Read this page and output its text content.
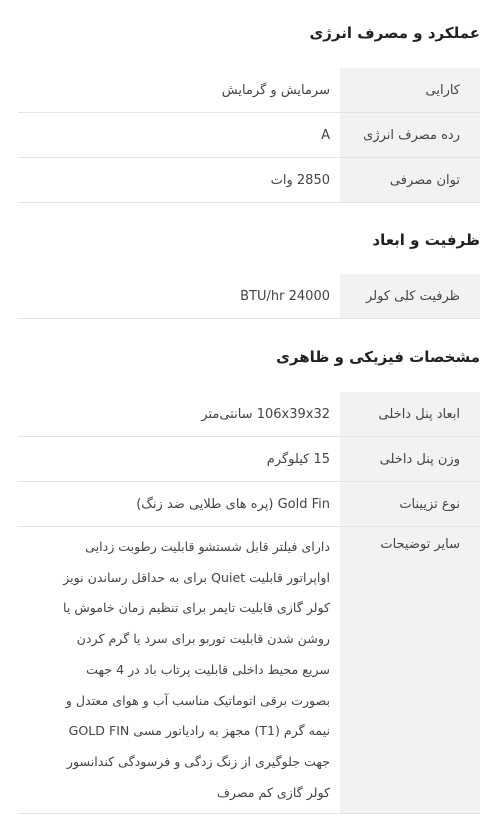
عملکرد و مصرف انرژی
کارایی
سرمایش و گرمایش
رده مصرف انرژی
A
توان مصرفی
2850 وات
ظرفیت و ابعاد
ظرفیت کلی کولر
BTU/hr 24000
مشخصات فیزیکی و ظاهری
ابعاد پنل داخلی
106x39x32 سانتی‌متر
وزن پنل داخلی
15 کیلوگرم
نوع تزیینات
Gold Fin (پره های طلایی ضد زنگ)
سایر توضیحات

دارای فیلتر قابل شستشو قابلیت رطوبت زدایی
اواپراتور قابلیت Quiet برای به حداقل رساندن نویز
کولر گازی قابلیت تایمر برای تنظیم زمان خاموش یا
روشن شدن قابلیت توربو برای سرد یا گرم کردن
سریع محیط داخلی قابلیت پرتاب باد در 4 جهت
بصورت برقی اتوماتیک مناسب آب و هوای معتدل و
نیمه گرم (T1) مجهز به رادیاتور مسی GOLD FIN
جهت جلوگیری از زنگ زدگی و فرسودگی کندانسور
کولر گازی کم مصرف
